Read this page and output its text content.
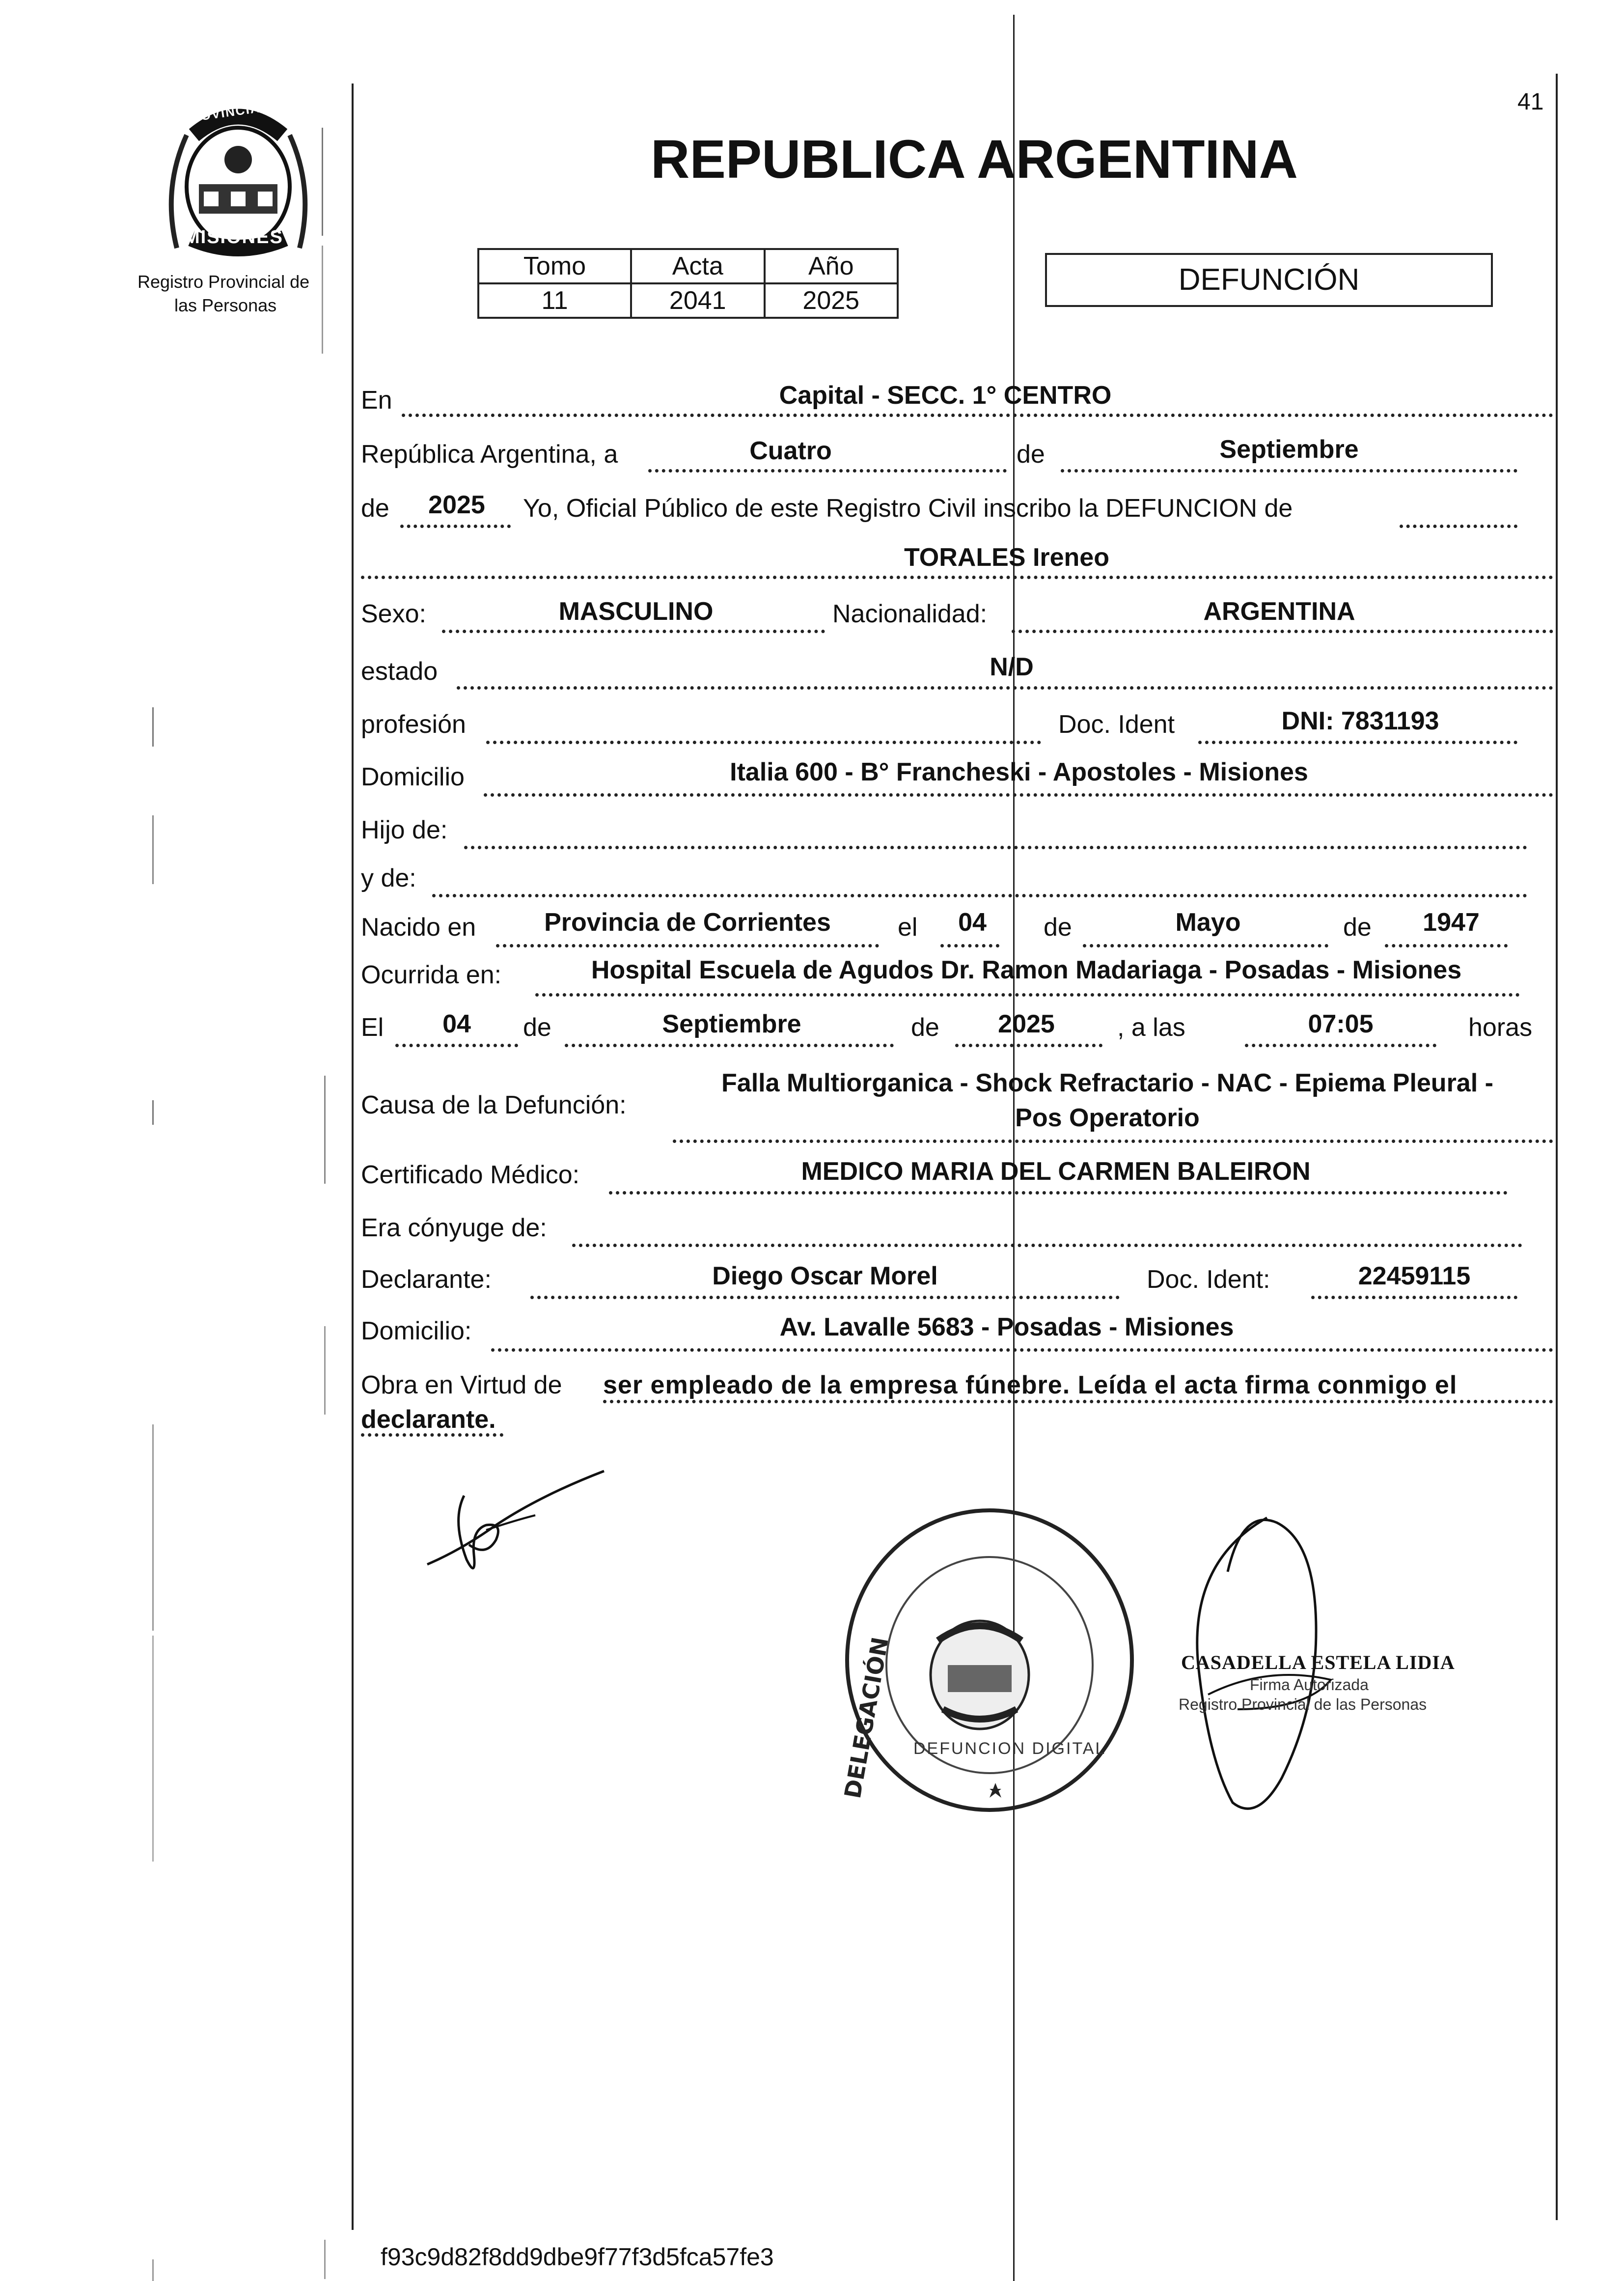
PROVINCIA DE
MISIONES
Registro Provincial de
las Personas
41
REPUBLICA ARGENTINA
Tomo	Acta	Año
11	2041	2025
DEFUNCIÓN
En	Capital - SECC. 1° CENTRO
República Argentina, a	Cuatro	de	Septiembre
de	2025	Yo, Oficial Público de este Registro Civil inscribo la DEFUNCION de
TORALES Ireneo
Sexo:	MASCULINO	Nacionalidad:	ARGENTINA
estado	N/D
profesión	Doc. Ident	DNI: 7831193
Domicilio	Italia 600 - B° Francheski - Apostoles - Misiones
Hijo de:
y de:
Nacido en	Provincia de Corrientes	el	04	de	Mayo	de	1947
Ocurrida en:	Hospital Escuela de Agudos Dr. Ramon Madariaga - Posadas - Misiones
El	04	de	Septiembre	de	2025	, a las	07:05	horas
Causa de la Defunción:
Falla Multiorganica - Shock Refractario - NAC - Epiema Pleural -
Pos Operatorio
Certificado Médico:	MEDICO MARIA DEL CARMEN BALEIRON
Era cónyuge de:
Declarante:	Diego Oscar Morel	Doc. Ident:	22459115
Domicilio:	Av. Lavalle 5683 - Posadas - Misiones
Obra en Virtud de ser empleado de la empresa fúnebre. Leída el acta firma conmigo el
declarante.
DELEGACIÓN DEFUNCION DIGITAL
CASADELLA ESTELA LIDIA
Firma Autorizada
Registro Provincial de las Personas
f93c9d82f8dd9dbe9f77f3d5fca57fe3
